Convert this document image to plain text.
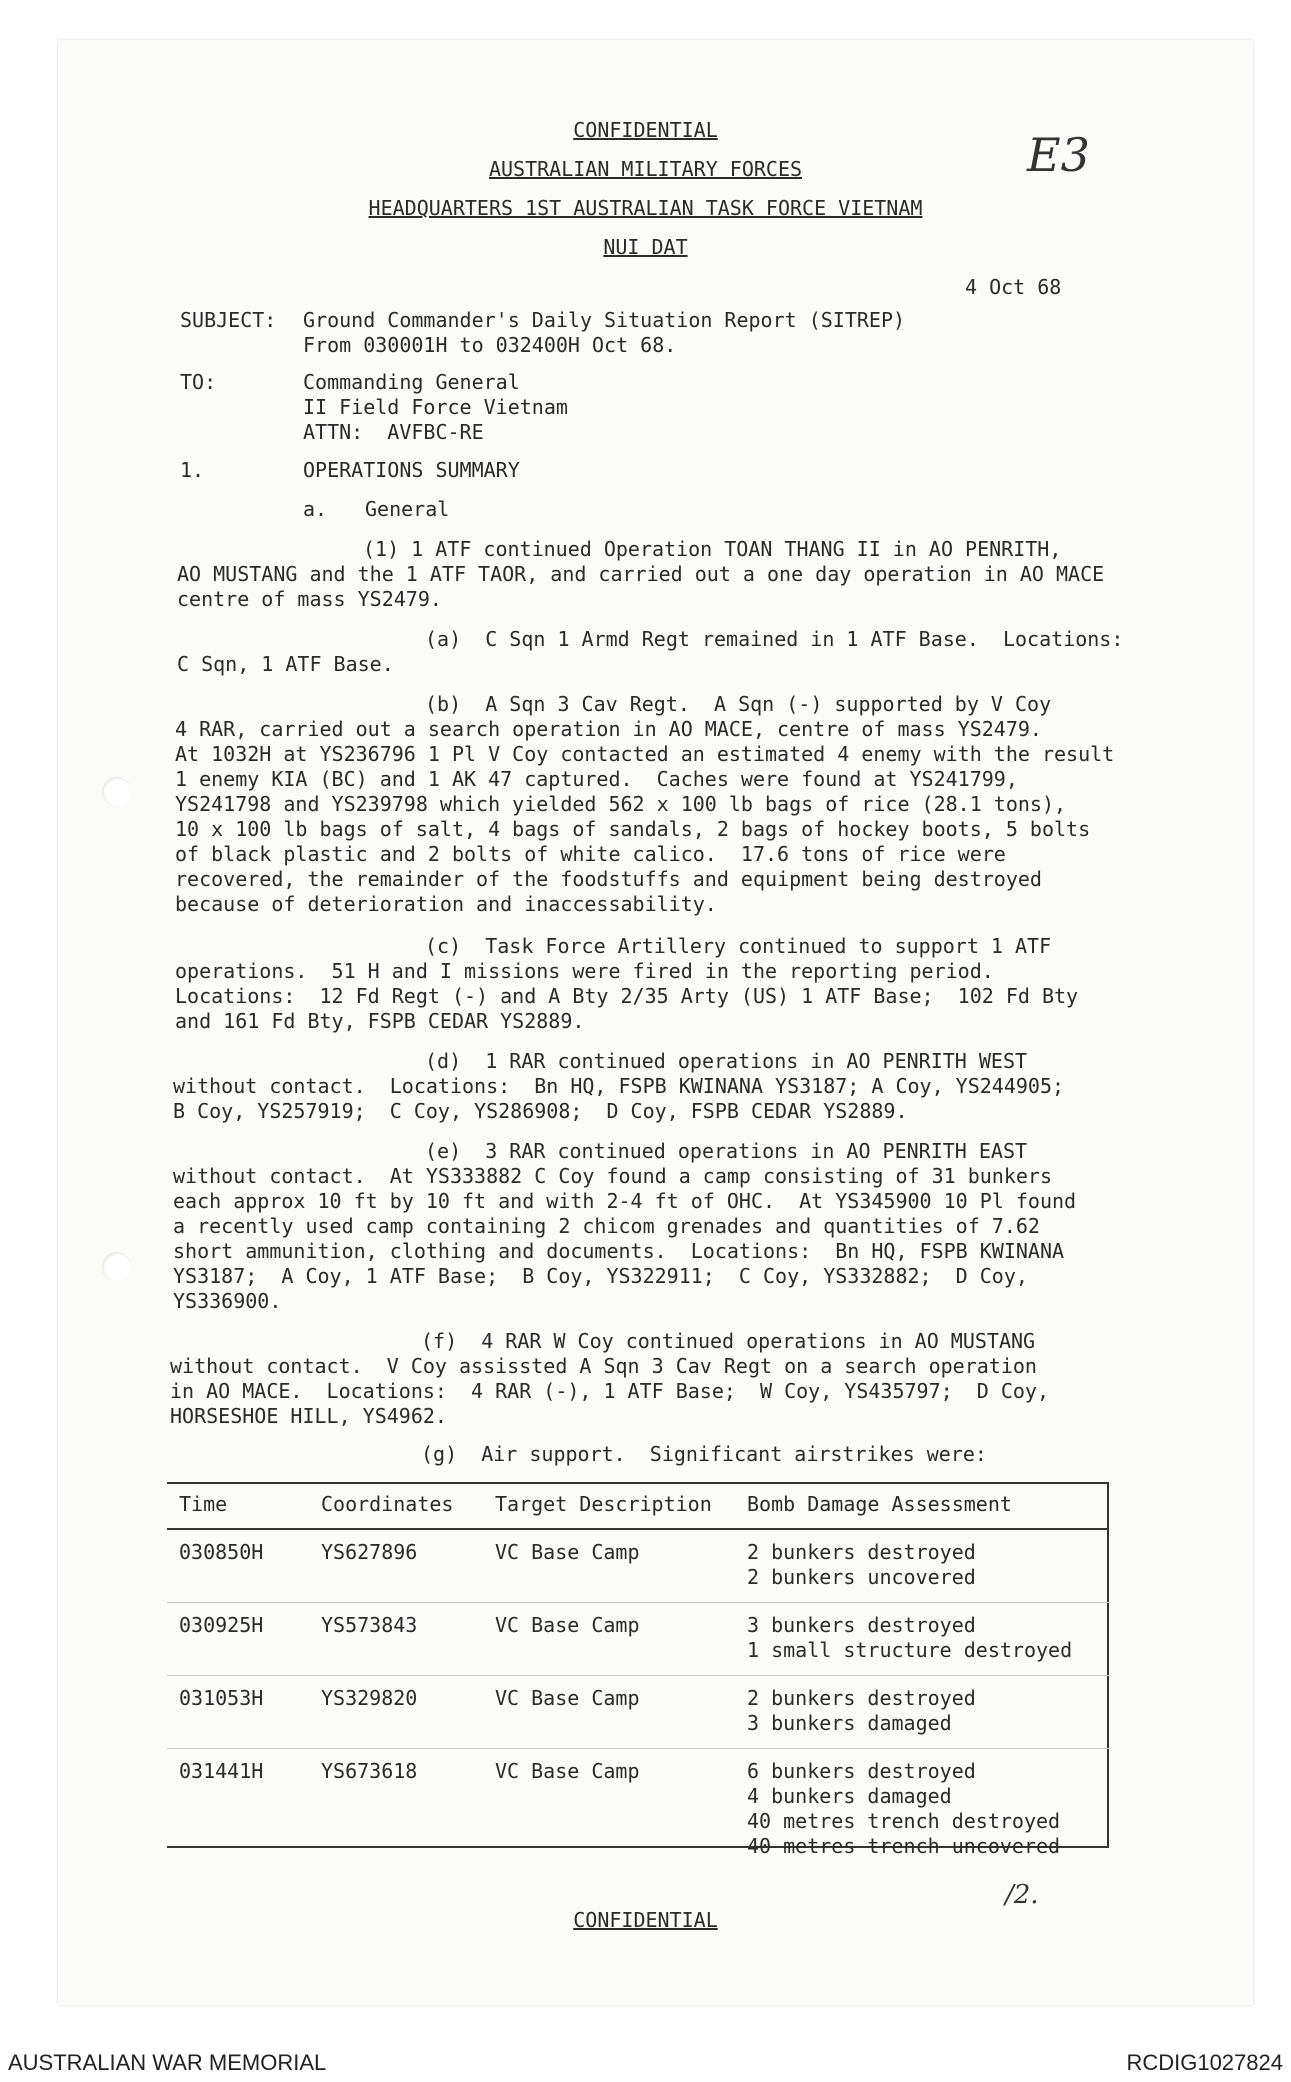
CONFIDENTIAL
AUSTRALIAN MILITARY FORCES
HEADQUARTERS 1ST AUSTRALIAN TASK FORCE VIETNAM
NUI DAT
E3
4 Oct 68
SUBJECT: Ground Commander's Daily Situation Report (SITREP)
From 030001H to 032400H Oct 68.
TO:	Commanding General
II Field Force Vietnam
ATTN:  AVFBC-RE
1.	OPERATIONS SUMMARY
a. General
(1) 1 ATF continued Operation TOAN THANG II in AO PENRITH,
AO MUSTANG and the 1 ATF TAOR, and carried out a one day operation in AO MACE
centre of mass YS2479.
(a)  C Sqn 1 Armd Regt remained in 1 ATF Base.  Locations:
C Sqn, 1 ATF Base.
(b)  A Sqn 3 Cav Regt.  A Sqn (-) supported by V Coy
4 RAR, carried out a search operation in AO MACE, centre of mass YS2479.
At 1032H at YS236796 1 Pl V Coy contacted an estimated 4 enemy with the result
1 enemy KIA (BC) and 1 AK 47 captured.  Caches were found at YS241799,
YS241798 and YS239798 which yielded 562 x 100 lb bags of rice (28.1 tons),
10 x 100 lb bags of salt, 4 bags of sandals, 2 bags of hockey boots, 5 bolts
of black plastic and 2 bolts of white calico.  17.6 tons of rice were
recovered, the remainder of the foodstuffs and equipment being destroyed
because of deterioration and inaccessability.
(c)  Task Force Artillery continued to support 1 ATF
operations.  51 H and I missions were fired in the reporting period.
Locations:  12 Fd Regt (-) and A Bty 2/35 Arty (US) 1 ATF Base;  102 Fd Bty
and 161 Fd Bty, FSPB CEDAR YS2889.
(d)  1 RAR continued operations in AO PENRITH WEST
without contact.  Locations:  Bn HQ, FSPB KWINANA YS3187; A Coy, YS244905;
B Coy, YS257919;  C Coy, YS286908;  D Coy, FSPB CEDAR YS2889.
(e)  3 RAR continued operations in AO PENRITH EAST
without contact.  At YS333882 C Coy found a camp consisting of 31 bunkers
each approx 10 ft by 10 ft and with 2-4 ft of OHC.  At YS345900 10 Pl found
a recently used camp containing 2 chicom grenades and quantities of 7.62
short ammunition, clothing and documents.  Locations:  Bn HQ, FSPB KWINANA
YS3187;  A Coy, 1 ATF Base;  B Coy, YS322911;  C Coy, YS332882;  D Coy,
YS336900.
(f)  4 RAR W Coy continued operations in AO MUSTANG
without contact.  V Coy assissted A Sqn 3 Cav Regt on a search operation
in AO MACE.  Locations:  4 RAR (-), 1 ATF Base;  W Coy, YS435797;  D Coy,
HORSESHOE HILL, YS4962.
(g)  Air support.  Significant airstrikes were:
Time	Coordinates	Target Description	Bomb Damage Assessment
030850H	YS627896	VC Base Camp	2 bunkers destroyed
2 bunkers uncovered

030925H	YS573843	VC Base Camp	3 bunkers destroyed
1 small structure destroyed

031053H	YS329820	VC Base Camp	2 bunkers destroyed
3 bunkers damaged

031441H	YS673618	VC Base Camp	6 bunkers destroyed
4 bunkers damaged
40 metres trench destroyed
40 metres trench uncovered
/2.
CONFIDENTIAL
AUSTRALIAN WAR MEMORIAL	RCDIG1027824
